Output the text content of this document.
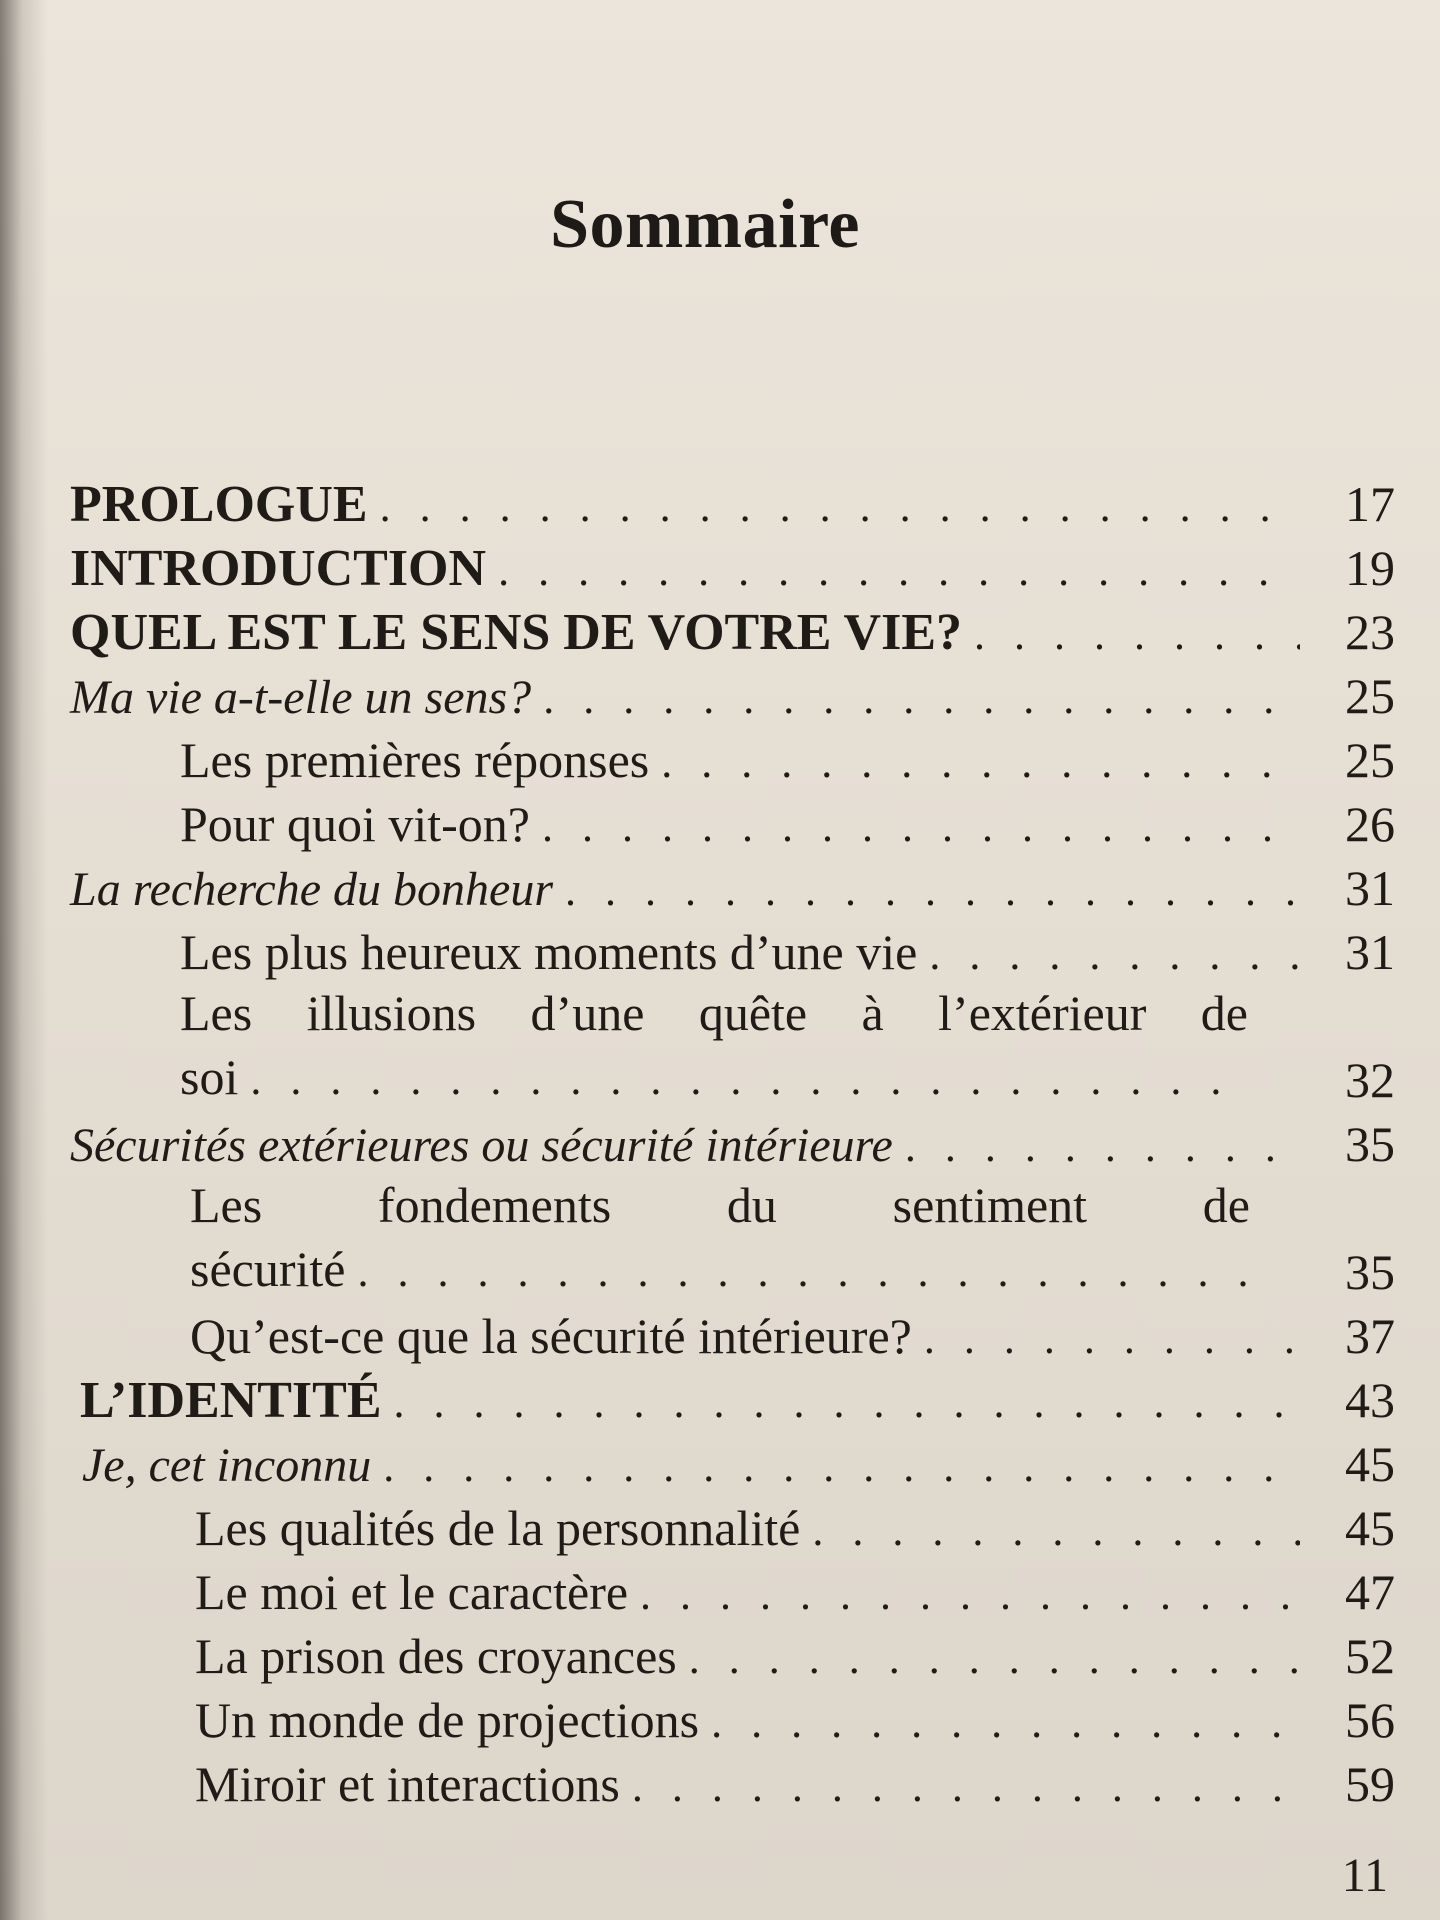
Sommaire
PROLOGUE . . .	17
INTRODUCTION . . .	19
QUEL EST LE SENS DE VOTRE VIE? . . .	23
Ma vie a-t-elle un sens? . . .	25
Les premières réponses . . .	25
Pour quoi vit-on? . . .	26
La recherche du bonheur . . .	31
Les plus heureux moments d’une vie . . .	31
Les illusions d’une quête à l’extérieur de
soi . . .	32
Sécurités extérieures ou sécurité intérieure . . .	35
Les fondements du sentiment de
sécurité . . .	35
Qu’est-ce que la sécurité intérieure? . . .	37
L’IDENTITÉ . . .	43
Je, cet inconnu . . .	45
Les qualités de la personnalité . . .	45
Le moi et le caractère . . .	47
La prison des croyances . . .	52
Un monde de projections . . .	56
Miroir et interactions . . .	59
11
